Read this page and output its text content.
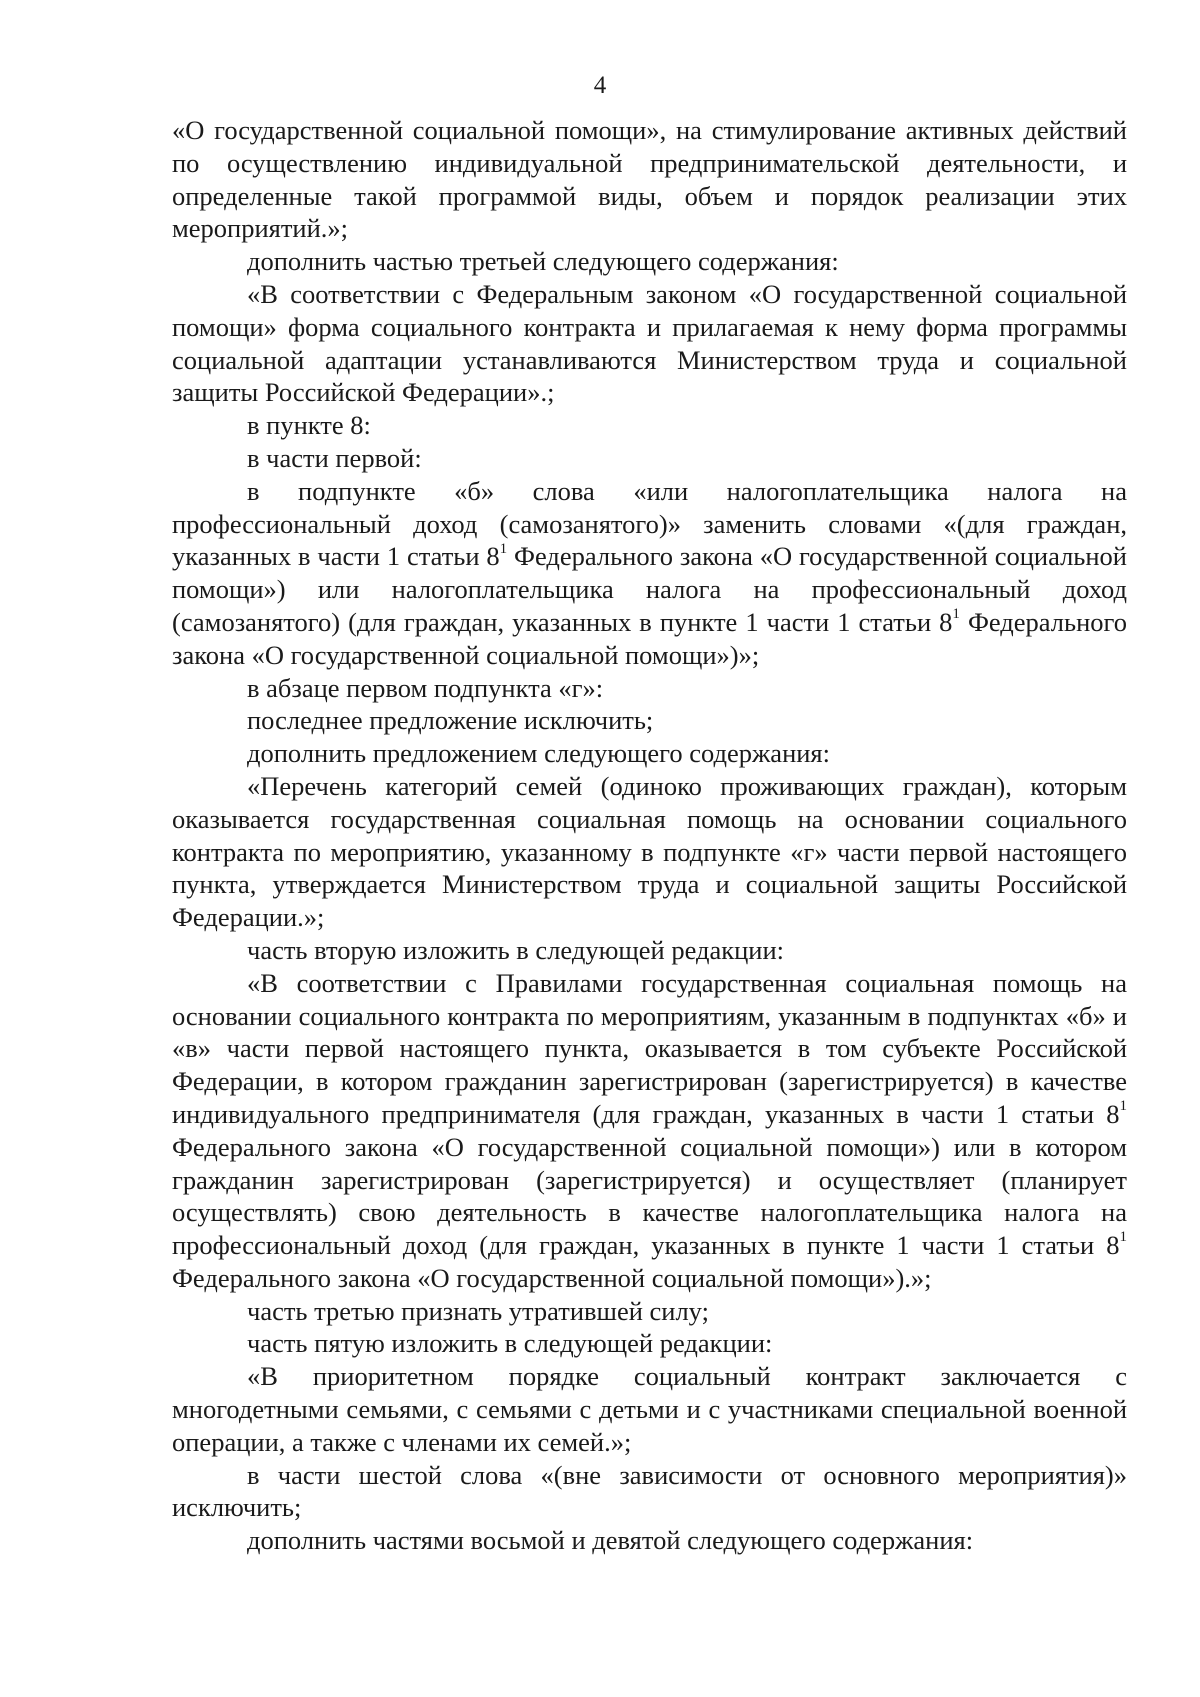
4

«О государственной социальной помощи», на стимулирование активных действий по осуществлению индивидуальной предпринимательской деятельности, и определенные такой программой виды, объем и порядок реализации этих мероприятий.»;

дополнить частью третьей следующего содержания:

«В соответствии с Федеральным законом «О государственной социальной помощи» форма социального контракта и прилагаемая к нему форма программы социальной адаптации устанавливаются Министерством труда и социальной защиты Российской Федерации».;

в пункте 8:

в части первой:

в подпункте «б» слова «или налогоплательщика налога на профессиональный доход (самозанятого)» заменить словами «(для граждан, указанных в части 1 статьи $8^1$ Федерального закона «О государственной социальной помощи») или налогоплательщика налога на профессиональный доход (самозанятого) (для граждан, указанных в пункте 1 части 1 статьи $8^1$ Федерального закона «О государственной социальной помощи»)»;

в абзаце первом подпункта «г»:

последнее предложение исключить;

дополнить предложением следующего содержания:

«Перечень категорий семей (одиноко проживающих граждан), которым оказывается государственная социальная помощь на основании социального контракта по мероприятию, указанному в подпункте «г» части первой настоящего пункта, утверждается Министерством труда и социальной защиты Российской Федерации.»;

часть вторую изложить в следующей редакции:

«В соответствии с Правилами государственная социальная помощь на основании социального контракта по мероприятиям, указанным в подпунктах «б» и «в» части первой настоящего пункта, оказывается в том субъекте Российской Федерации, в котором гражданин зарегистрирован (зарегистрируется) в качестве индивидуального предпринимателя (для граждан, указанных в части 1 статьи $8^1$ Федерального закона «О государственной социальной помощи») или в котором гражданин зарегистрирован (зарегистрируется) и осуществляет (планирует осуществлять) свою деятельность в качестве налогоплательщика налога на профессиональный доход (для граждан, указанных в пункте 1 части 1 статьи $8^1$ Федерального закона «О государственной социальной помощи»).»;

часть третью признать утратившей силу;

часть пятую изложить в следующей редакции:

«В приоритетном порядке социальный контракт заключается с многодетными семьями, с семьями с детьми и с участниками специальной военной операции, а также с членами их семей.»;

в части шестой слова «(вне зависимости от основного мероприятия)» исключить;

дополнить частями восьмой и девятой следующего содержания:
